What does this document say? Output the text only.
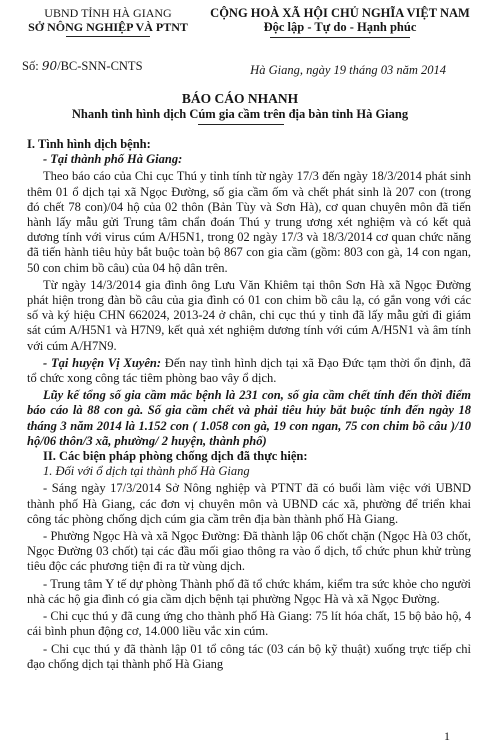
UBND TỈNH HÀ GIANG
SỞ NÔNG NGHIỆP VÀ PTNT
CỘNG HOÀ XÃ HỘI CHỦ NGHĨA VIỆT NAM
Độc lập - Tự do - Hạnh phúc
Số: 90/BC-SNN-CNTS	Hà Giang, ngày 19 tháng 03 năm 2014
BÁO CÁO NHANH
Nhanh tình hình dịch Cúm gia cầm trên địa bàn tỉnh Hà Giang

I. Tình hình dịch bệnh:

- Tại thành phố Hà Giang:

Theo báo cáo của Chi cục Thú y tỉnh tính từ ngày 17/3 đến ngày 18/3/2014 phát sinh thêm 01 ổ dịch tại xã Ngọc Đường, số gia cầm ốm và chết phát sinh là 207 con (trong đó chết 78 con)/04 hộ của 02 thôn (Bản Tùy và Sơn Hà), cơ quan chuyên môn đã tiến hành lấy mẫu gửi Trung tâm chẩn đoán Thú y trung ương xét nghiệm và có kết quả dương tính với virus cúm A/H5N1, trong 02 ngày 17/3 và 18/3/2014 cơ quan chức năng đã tiến hành tiêu hủy bắt buộc toàn bộ 867 con gia cầm (gồm: 803 con gà, 14 con ngan, 50 con chim bồ câu) của 04 hộ dân trên.

Từ ngày 14/3/2014 gia đình ông Lưu Văn Khiêm tại thôn Sơn Hà xã Ngọc Đường phát hiện trong đàn bồ câu của gia đình có 01 con chim bồ câu lạ, có gắn vong với các số và ký hiệu CHN 662024, 2013-24 ở chân, chi cục thú y tỉnh đã lấy mẫu gửi đi giám sát cúm A/H5N1 và H7N9, kết quả xét nghiệm dương tính với cúm A/H5N1 và âm tính với cúm A/H7N9.

- Tại huyện Vị Xuyên: Đến nay tình hình dịch tại xã Đạo Đức tạm thời ổn định, đã tổ chức xong công tác tiêm phòng bao vây ổ dịch.

Lũy kế tổng số gia cầm mắc bệnh là 231 con, số gia cầm chết tính đến thời điểm báo cáo là 88 con gà. Số gia cầm chết và phải tiêu hủy bắt buộc tính đến ngày 18 tháng 3 năm 2014 là 1.152 con ( 1.058 con gà, 19 con ngan, 75 con chim bồ câu )/10 hộ/06 thôn/3 xã, phường/ 2 huyện, thành phố)

II. Các biện pháp phòng chống dịch đã thực hiện:

1. Đối với ổ dịch tại thành phố Hà Giang

- Sáng ngày 17/3/2014 Sở Nông nghiệp và PTNT đã có buổi làm việc với UBND thành phố Hà Giang, các đơn vị chuyên môn và UBND các xã, phường để triển khai công tác phòng chống dịch cúm gia cầm trên địa bàn thành phố Hà Giang.

- Phường Ngọc Hà và xã Ngọc Đường: Đã thành lập 06 chốt chặn (Ngọc Hà 03 chốt, Ngọc Đường 03 chốt) tại các đầu mối giao thông ra vào ổ dịch, tổ chức phun khử trùng tiêu độc các phương tiện đi ra từ vùng dịch.

- Trung tâm Y tế dự phòng Thành phố đã tổ chức khám, kiểm tra sức khỏe cho người nhà các hộ gia đình có gia cầm dịch bệnh tại phường Ngọc Hà và xã Ngọc Đường.

- Chi cục thú y đã cung ứng cho thành phố Hà Giang: 75 lít hóa chất, 15 bộ bảo hộ, 4 cái bình phun động cơ, 14.000 liều vắc xin cúm.

- Chi cục thú y đã thành lập 01 tổ công tác (03 cán bộ kỹ thuật) xuống trực tiếp chỉ đạo chống dịch tại thành phố Hà Giang

1
